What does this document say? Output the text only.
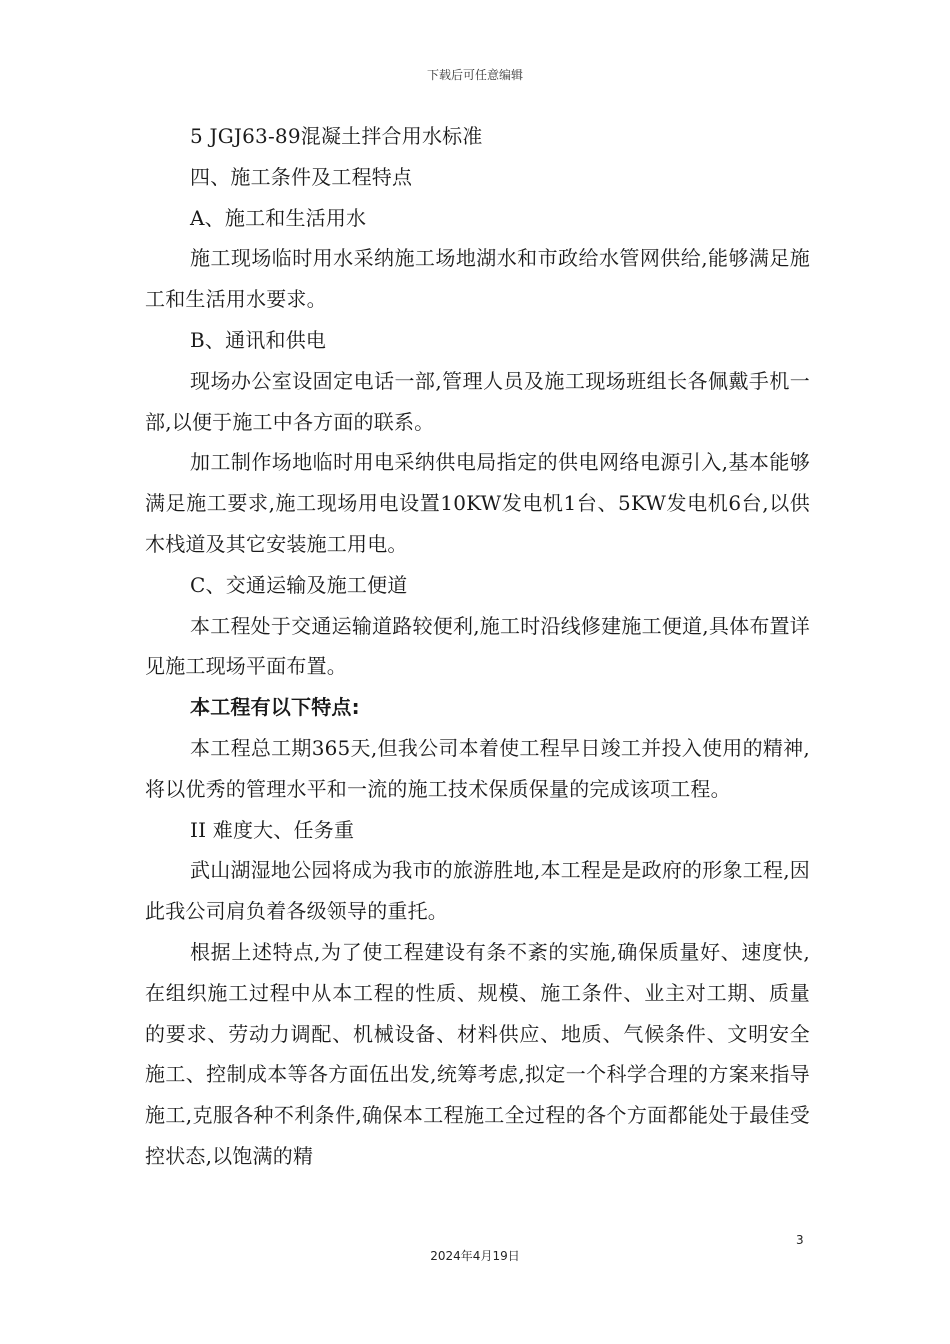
下载后可任意编辑

5 JGJ63-89混凝土拌合用水标准

四、施工条件及工程特点

A、施工和生活用水

施工现场临时用水采纳施工场地湖水和市政给水管网供给,能够满足施工和生活用水要求。

B、通讯和供电

现场办公室设固定电话一部,管理人员及施工现场班组长各佩戴手机一部,以便于施工中各方面的联系。

加工制作场地临时用电采纳供电局指定的供电网络电源引入,基本能够满足施工要求,施工现场用电设置10KW发电机1台、5KW发电机6台,以供木栈道及其它安装施工用电。

C、交通运输及施工便道

本工程处于交通运输道路较便利,施工时沿线修建施工便道,具体布置详见施工现场平面布置。

本工程有以下特点:

本工程总工期365天,但我公司本着使工程早日竣工并投入使用的精神,将以优秀的管理水平和一流的施工技术保质保量的完成该项工程。

II 难度大、任务重

武山湖湿地公园将成为我市的旅游胜地,本工程是是政府的形象工程,因此我公司肩负着各级领导的重托。

根据上述特点,为了使工程建设有条不紊的实施,确保质量好、速度快,在组织施工过程中从本工程的性质、规模、施工条件、业主对工期、质量的要求、劳动力调配、机械设备、材料供应、地质、气候条件、文明安全施工、控制成本等各方面伍出发,统筹考虑,拟定一个科学合理的方案来指导施工,克服各种不利条件,确保本工程施工全过程的各个方面都能处于最佳受控状态,以饱满的精

3
2024年4月19日
